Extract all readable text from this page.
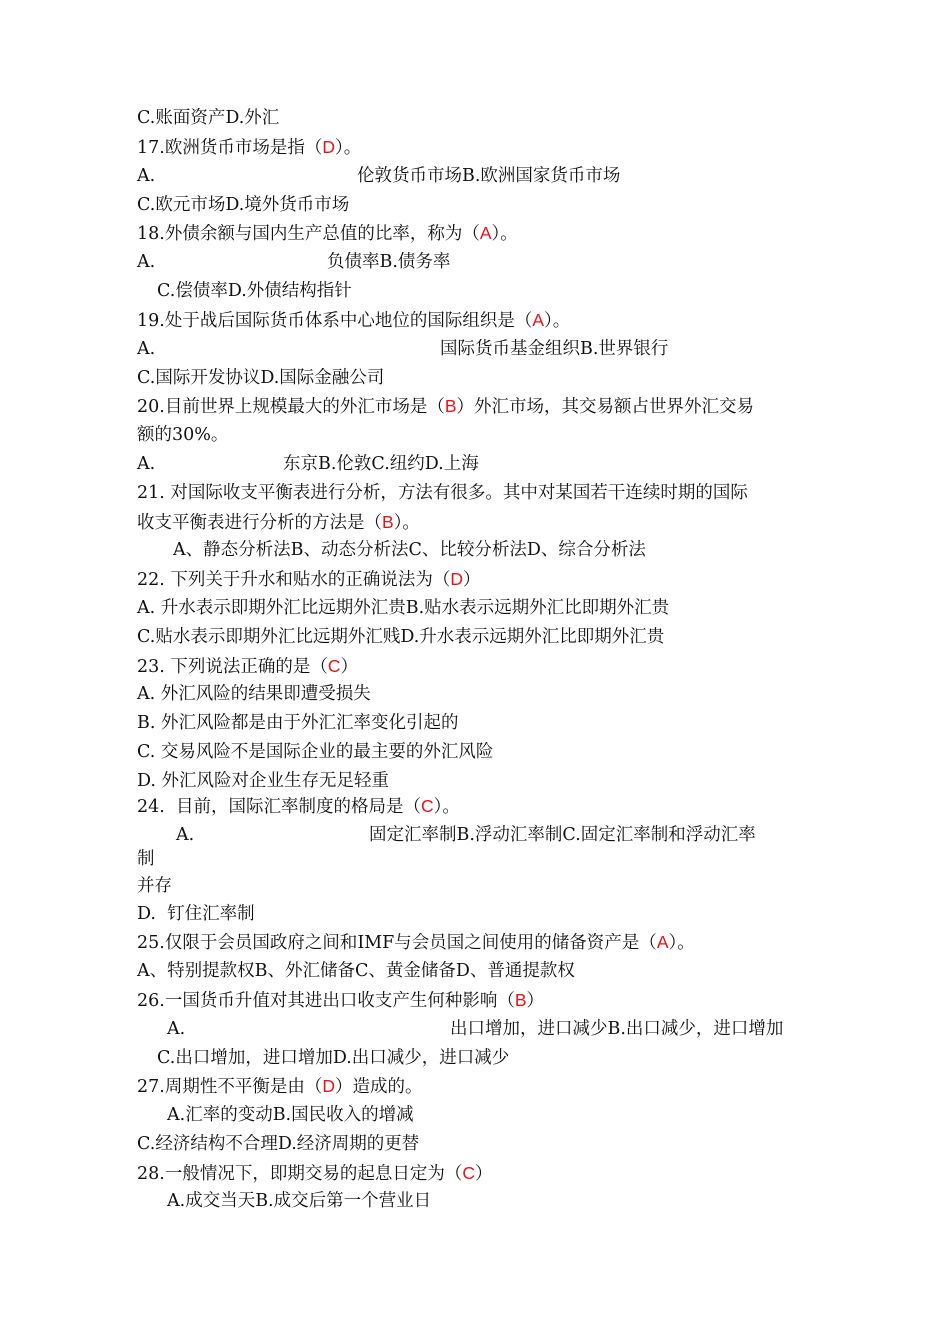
C.账面资产D.外汇
17.欧洲货币市场是指（D）。
A.	伦敦货币市场B.欧洲国家货币市场
C.欧元市场D.境外货币市场
18.外债余额与国内生产总值的比率，称为（A）。
A.	负债率B.债务率
C.偿债率D.外债结构指针
19.处于战后国际货币体系中心地位的国际组织是（A）。
A.	国际货币基金组织B.世界银行
C.国际开发协议D.国际金融公司
20.目前世界上规模最大的外汇市场是（B）外汇市场，其交易额占世界外汇交易
额的30%。
A.	东京B.伦敦C.纽约D.上海
21. 对国际收支平衡表进行分析，方法有很多。其中对某国若干连续时期的国际
收支平衡表进行分析的方法是（B）。
A、静态分析法B、动态分析法C、比较分析法D、综合分析法
22. 下列关于升水和贴水的正确说法为（D）
A. 升水表示即期外汇比远期外汇贵B.贴水表示远期外汇比即期外汇贵
C.贴水表示即期外汇比远期外汇贱D.升水表示远期外汇比即期外汇贵
23. 下列说法正确的是（C）
A. 外汇风险的结果即遭受损失
B. 外汇风险都是由于外汇汇率变化引起的
C. 交易风险不是国际企业的最主要的外汇风险
D. 外汇风险对企业生存无足轻重
24.  目前，国际汇率制度的格局是（C）。
A.	固定汇率制B.浮动汇率制C.固定汇率制和浮动汇率
制
并存
D.  钉住汇率制
25.仅限于会员国政府之间和IMF与会员国之间使用的储备资产是（A）。
A、特别提款权B、外汇储备C、黄金储备D、普通提款权
26.一国货币升值对其进出口收支产生何种影响（B）
A.	出口增加，进口减少B.出口减少，进口增加
C.出口增加，进口增加D.出口减少，进口减少
27.周期性不平衡是由（D）造成的。
A.汇率的变动B.国民收入的增减
C.经济结构不合理D.经济周期的更替
28.一般情况下，即期交易的起息日定为（C）
A.成交当天B.成交后第一个营业日
